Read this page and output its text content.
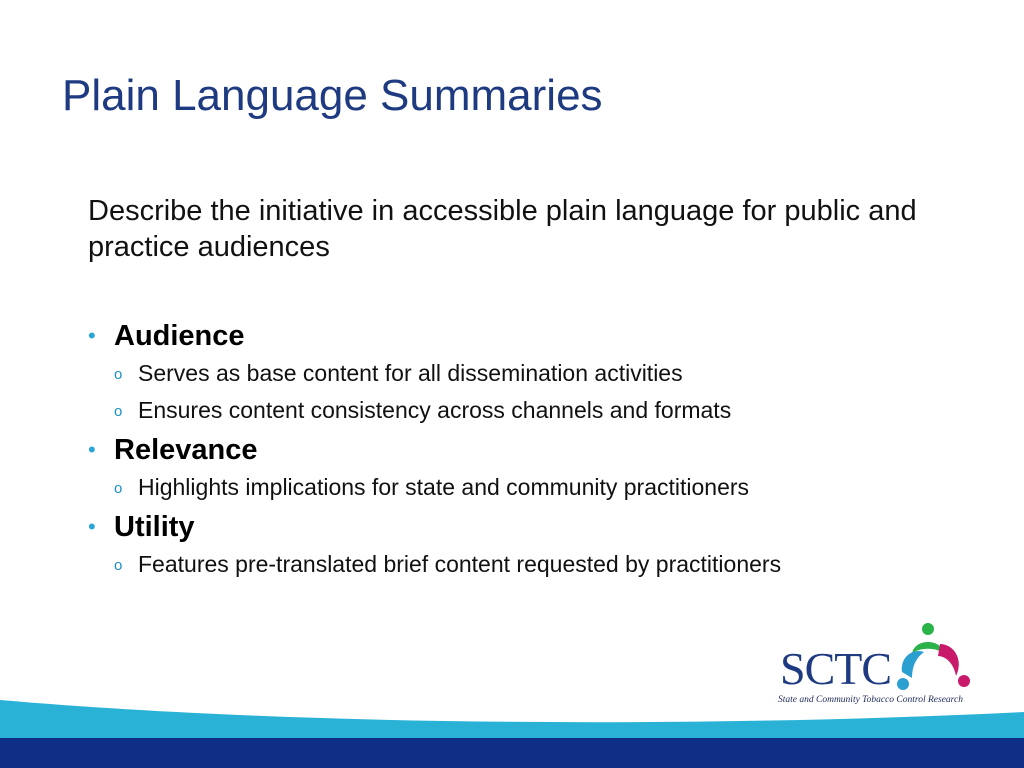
Plain Language Summaries

Describe the initiative in accessible plain language for public and practice audiences

• Audience
o Serves as base content for all dissemination activities
o Ensures content consistency across channels and formats
• Relevance
o Highlights implications for state and community practitioners
• Utility
o Features pre-translated brief content requested by practitioners
SCTC
State and Community Tobacco Control Research
